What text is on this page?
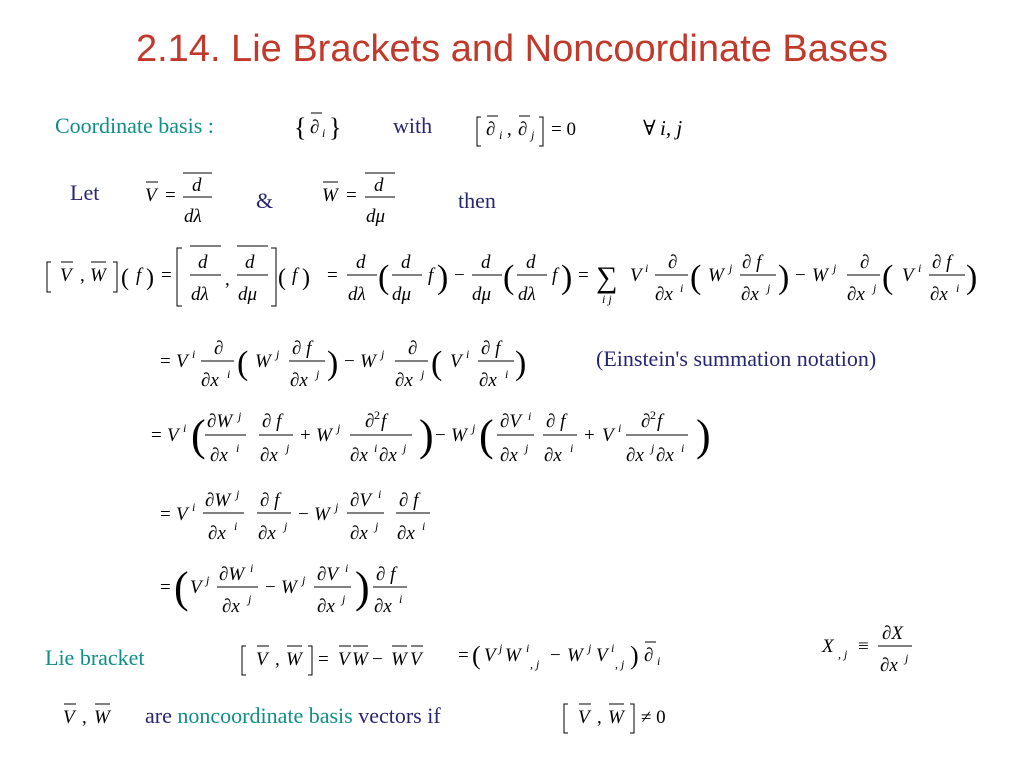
2.14. Lie Brackets and Noncoordinate Bases
Coordinate basis :	with
Let	&	then
(Einstein's summation notation)
Lie bracket
are noncoordinate basis vectors if
{ ∂ i }	∂ i , ∂ j = 0	∀ i, j
V = d
dλ
W = d
dμ
V , W ( f ) =
d
dλ
,
d
dμ
( f ) =
d
dλ ( d
dμ
f ) −
d
dμ ( d
dλ
f ) = ∑
i j
V i ∂
∂x i ( W j ∂ f
∂x j ) − W j ∂
∂x j ( V i ∂ f
∂x i )
= V i ∂
∂x i ( W j ∂ f
∂x j ) − W j ∂
∂x j ( V i ∂ f
∂x i )
= V i ( ∂W j
∂x i
∂ f
∂x j
+ W j ∂ 2 f
∂x i ∂x j ) − W j ( ∂V i
∂x j
∂ f
∂x i
+ V i ∂ 2 f
∂x j ∂x i )
= V i ∂W j
∂x i
∂ f
∂x j
− W j ∂V i
∂x j
∂ f
∂x i
= ( V j ∂W i
∂x j
− W j ∂V i
∂x j ) ∂ f
∂x i
V , W = V W − W V = ( V j W i
, j − W j V i
, j ) ∂ i
X , j ≡
∂X
∂x j
V , W	V , W ≠ 0
